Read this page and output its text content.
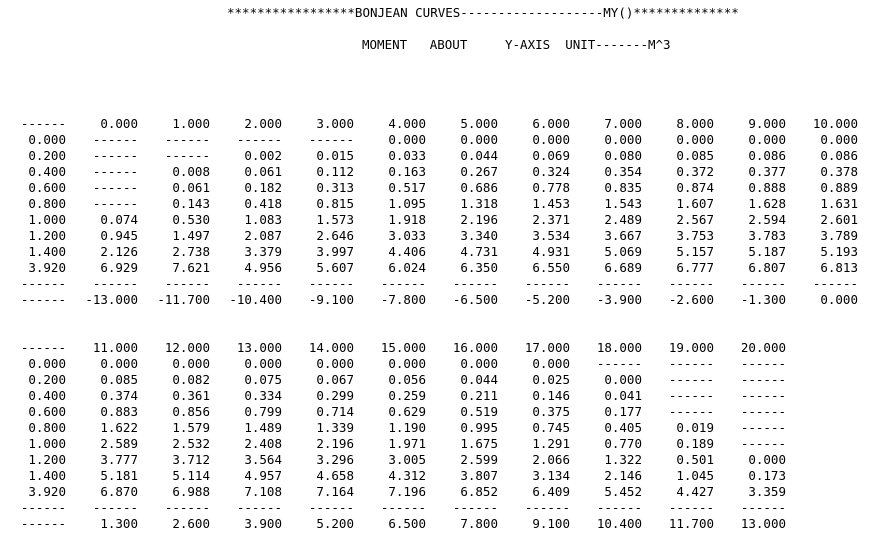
*****************BONJEAN CURVES-------------------MY()**************
MOMENT   ABOUT     Y-AXIS  UNIT-------M^3
------	0.000	1.000	2.000	3.000	4.000	5.000	6.000	7.000	8.000	9.000	10.000
0.000	------	------	------	------	0.000	0.000	0.000	0.000	0.000	0.000	0.000
0.200	------	------	0.002	0.015	0.033	0.044	0.069	0.080	0.085	0.086	0.086
0.400	------	0.008	0.061	0.112	0.163	0.267	0.324	0.354	0.372	0.377	0.378
0.600	------	0.061	0.182	0.313	0.517	0.686	0.778	0.835	0.874	0.888	0.889
0.800	------	0.143	0.418	0.815	1.095	1.318	1.453	1.543	1.607	1.628	1.631
1.000	0.074	0.530	1.083	1.573	1.918	2.196	2.371	2.489	2.567	2.594	2.601
1.200	0.945	1.497	2.087	2.646	3.033	3.340	3.534	3.667	3.753	3.783	3.789
1.400	2.126	2.738	3.379	3.997	4.406	4.731	4.931	5.069	5.157	5.187	5.193
3.920	6.929	7.621	4.956	5.607	6.024	6.350	6.550	6.689	6.777	6.807	6.813
------	------	------	------	------	------	------	------	------	------	------	------
------	-13.000	-11.700	-10.400	-9.100	-7.800	-6.500	-5.200	-3.900	-2.600	-1.300	0.000
------	11.000	12.000	13.000	14.000	15.000	16.000	17.000	18.000	19.000	20.000
0.000	0.000	0.000	0.000	0.000	0.000	0.000	0.000	------	------	------
0.200	0.085	0.082	0.075	0.067	0.056	0.044	0.025	0.000	------	------
0.400	0.374	0.361	0.334	0.299	0.259	0.211	0.146	0.041	------	------
0.600	0.883	0.856	0.799	0.714	0.629	0.519	0.375	0.177	------	------
0.800	1.622	1.579	1.489	1.339	1.190	0.995	0.745	0.405	0.019	------
1.000	2.589	2.532	2.408	2.196	1.971	1.675	1.291	0.770	0.189	------
1.200	3.777	3.712	3.564	3.296	3.005	2.599	2.066	1.322	0.501	0.000
1.400	5.181	5.114	4.957	4.658	4.312	3.807	3.134	2.146	1.045	0.173
3.920	6.870	6.988	7.108	7.164	7.196	6.852	6.409	5.452	4.427	3.359
------	------	------	------	------	------	------	------	------	------	------
------	1.300	2.600	3.900	5.200	6.500	7.800	9.100	10.400	11.700	13.000
